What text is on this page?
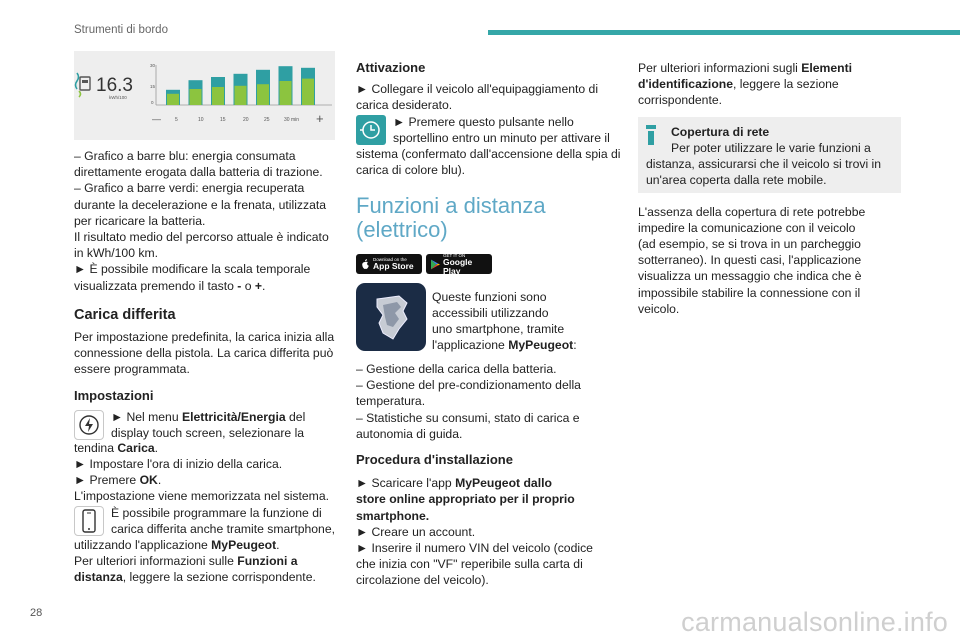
Strumenti di bordo
16.3
kWh/100
30
15
0
—	5	10	15	20	25	30 min +

– Grafico a barre blu: energia consumata

direttamente erogata dalla batteria di trazione.

– Grafico a barre verdi: energia recuperata

durante la decelerazione e la frenata, utilizzata

per ricaricare la batteria.

Il risultato medio del percorso attuale è indicato

in kWh/100 km.

► È possibile modificare la scala temporale

visualizzata premendo il tasto - o +.

Carica differita

Per impostazione predefinita, la carica inizia alla

connessione della pistola. La carica differita può

essere programmata.

Impostazioni

► Nel menu Elettricità/Energia del

display touch screen, selezionare la

tendina Carica.

► Impostare l'ora di inizio della carica.

► Premere OK.

L'impostazione viene memorizzata nel sistema.

È possibile programmare la funzione di

carica differita anche tramite smartphone,

utilizzando l'applicazione MyPeugeot.

Per ulteriori informazioni sulle Funzioni a

distanza, leggere la sezione corrispondente.

Attivazione

► Collegare il veicolo all'equipaggiamento di

carica desiderato.

► Premere questo pulsante nello

sportellino entro un minuto per attivare il

sistema (confermato dall'accensione della spia di

carica di colore blu).

Funzioni a distanza

(elettrico)

Download on the
App Store
GET IT ON
Google Play

Queste funzioni sono

accessibili utilizzando

uno smartphone, tramite

l'applicazione MyPeugeot:

– Gestione della carica della batteria.

– Gestione del pre-condizionamento della

temperatura.

– Statistiche su consumi, stato di carica e

autonomia di guida.

Procedura d'installazione

► Scaricare l'app MyPeugeot dallo

store online appropriato per il proprio

smartphone.

► Creare un account.

► Inserire il numero VIN del veicolo (codice

che inizia con "VF" reperibile sulla carta di

circolazione del veicolo).

Per ulteriori informazioni sugli Elementi

d'identificazione, leggere la sezione

corrispondente.

Copertura di rete

Per poter utilizzare le varie funzioni a

distanza, assicurarsi che il veicolo si trovi in

un'area coperta dalla rete mobile.

L'assenza della copertura di rete potrebbe

impedire la comunicazione con il veicolo

(ad esempio, se si trova in un parcheggio

sotterraneo). In questi casi, l'applicazione

visualizza un messaggio che indica che è

impossibile stabilire la connessione con il

veicolo.

28	carmanualsonline.info
